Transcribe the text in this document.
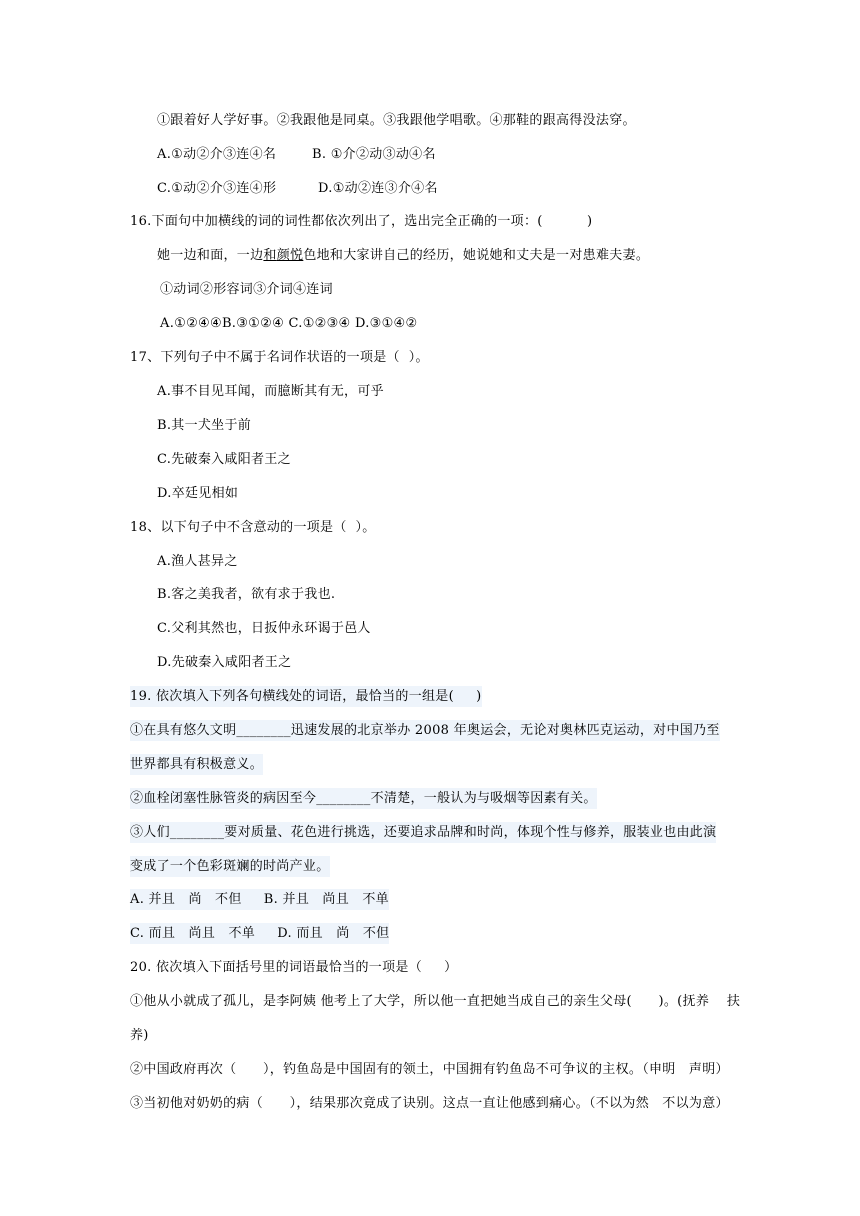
①跟着好人学好事。②我跟他是同桌。③我跟他学唱歌。④那鞋的跟高得没法穿。
A.①动②介③连④名	B. ①介②动③动④名
C.①动②介③连④形	D.①动②连③介④名
16.下面句中加横线的词的词性都依次列出了，选出完全正确的一项：(          )
她一边和面，一边和颜悦色地和大家讲自己的经历，她说她和丈夫是一对患难夫妻。
①动词②形容词③介词④连词
A.①②④④B.③①②④ C.①②③④ D.③①④②
17、下列句子中不属于名词作状语的一项是（  ）。
A.事不目见耳闻，而臆断其有无，可乎
B.其一犬坐于前
C.先破秦入咸阳者王之
D.卒廷见相如
18、以下句子中不含意动的一项是（  ）。
A.渔人甚异之
B.客之美我者，欲有求于我也.
C.父利其然也，日扳仲永环谒于邑人
D.先破秦入咸阳者王之
19. 依次填入下列各句横线处的词语，最恰当的一组是(     )
①在具有悠久文明________迅速发展的北京举办 2008 年奥运会，无论对奥林匹克运动，对中国乃至
世界都具有积极意义。
②血栓闭塞性脉管炎的病因至今________不清楚，一般认为与吸烟等因素有关。
③人们________要对质量、花色进行挑选，还要追求品牌和时尚，体现个性与修养，服装业也由此演
变成了一个色彩斑斓的时尚产业。
A. 并且   尚   不但     B. 并且   尚且   不单
C. 而且   尚且   不单     D. 而且   尚   不但
20. 依次填入下面括号里的词语最恰当的一项是（     ）
①他从小就成了孤儿，是李阿姨 他考上了大学，所以他一直把她当成自己的亲生父母(      )。(抚养    扶
养)
②中国政府再次（      ），钓鱼岛是中国固有的领土，中国拥有钓鱼岛不可争议的主权。（申明   声明）
③当初他对奶奶的病（      ），结果那次竟成了诀别。这点一直让他感到痛心。（不以为然   不以为意）
